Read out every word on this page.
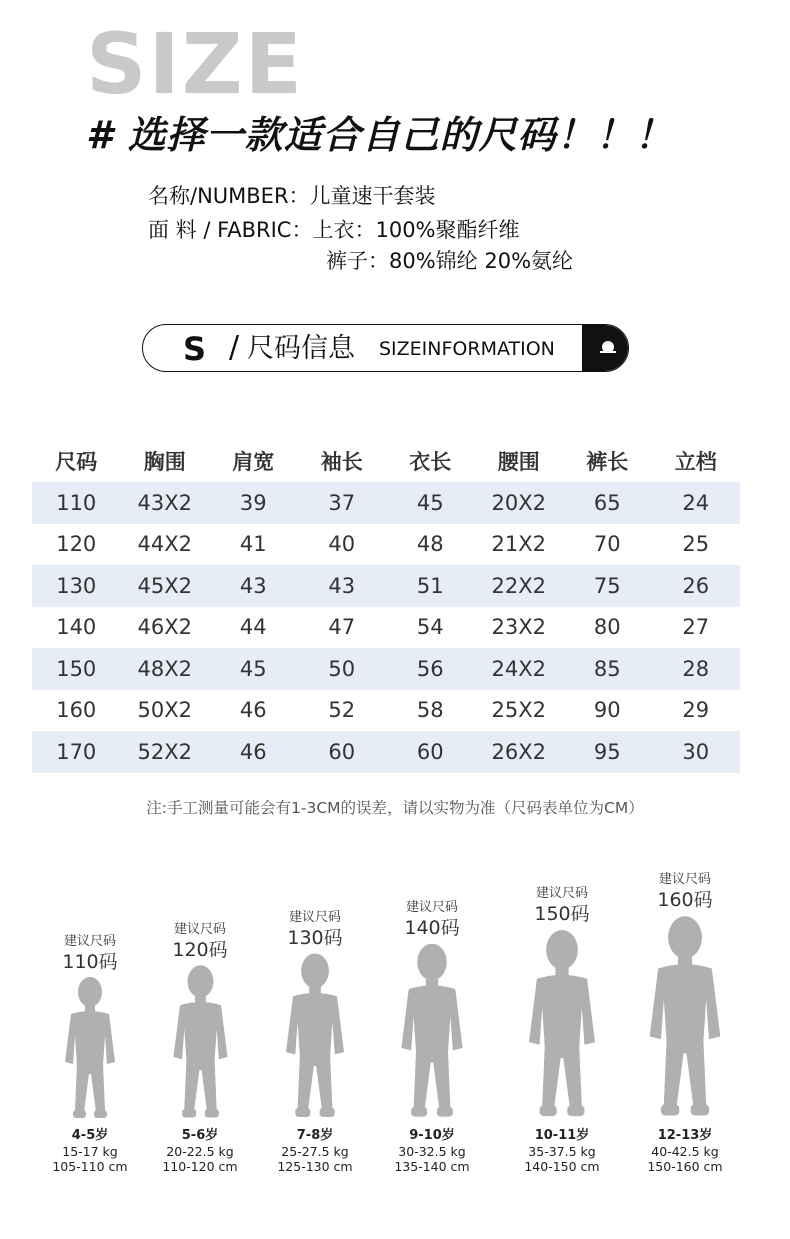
SIZE
# 选择一款适合自己的尺码！！！
名称/NUMBER：儿童速干套装
面 料 / FABRIC：上衣：100%聚酯纤维
裤子：80%锦纶 20%氨纶
S / 尺码信息 SIZEINFORMATION
尺码	胸围	肩宽	袖长	衣长	腰围	裤长	立档
110	43X2	39	37	45	20X2	65	24
120	44X2	41	40	48	21X2	70	25
130	45X2	43	43	51	22X2	75	26
140	46X2	44	47	54	23X2	80	27
150	48X2	45	50	56	24X2	85	28
160	50X2	46	52	58	25X2	90	29
170	52X2	46	60	60	26X2	95	30
注:手工测量可能会有1-3CM的误差，请以实物为准（尺码表单位为CM）
建议尺码
110码
4-5岁
15-17 kg
105-110 cm
建议尺码
120码
5-6岁
20-22.5 kg
110-120 cm
建议尺码
130码
7-8岁
25-27.5 kg
125-130 cm
建议尺码
140码
9-10岁
30-32.5 kg
135-140 cm
建议尺码
150码
10-11岁
35-37.5 kg
140-150 cm
建议尺码
160码
12-13岁
40-42.5 kg
150-160 cm
